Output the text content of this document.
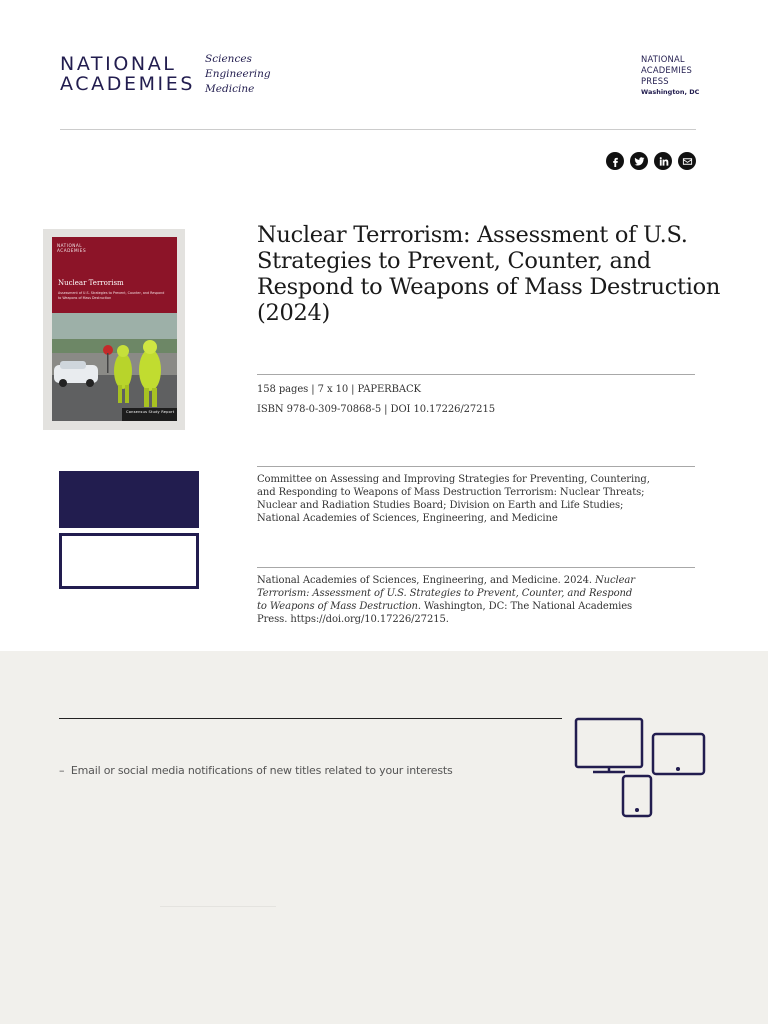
NATIONAL
ACADEMIES
Sciences
Engineering
Medicine
NATIONAL
ACADEMIES
PRESS
Washington, DC
NATIONAL
ACADEMIES
Nuclear Terrorism
Assessment of U.S. Strategies to Prevent, Counter, and Respond to Weapons of Mass Destruction
Consensus Study Report
Nuclear Terrorism: Assessment of U.S. Strategies to Prevent, Counter, and Respond to Weapons of Mass Destruction (2024)
158 pages | 7 x 10 | PAPERBACK
ISBN 978-0-309-70868-5 | DOI 10.17226/27215
Committee on Assessing and Improving Strategies for Preventing, Countering, and Responding to Weapons of Mass Destruction Terrorism: Nuclear Threats; Nuclear and Radiation Studies Board; Division on Earth and Life Studies; National Academies of Sciences, Engineering, and Medicine
National Academies of Sciences, Engineering, and Medicine. 2024. Nuclear Terrorism: Assessment of U.S. Strategies to Prevent, Counter, and Respond to Weapons of Mass Destruction. Washington, DC: The National Academies Press. https://doi.org/10.17226/27215.
–  Email or social media notifications of new titles related to your interests
